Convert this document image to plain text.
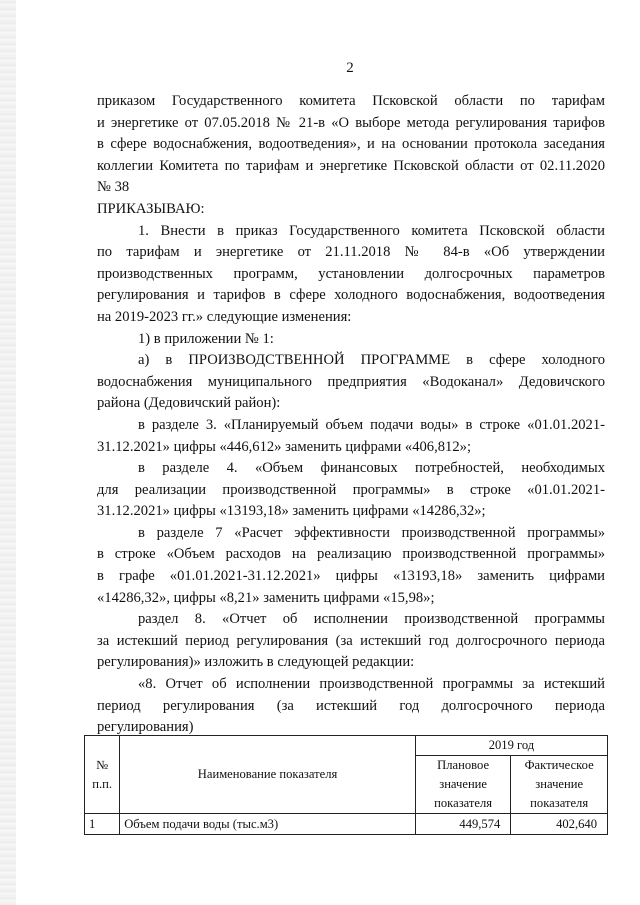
2

приказом Государственного комитета Псковской области по тарифам

и энергетике от 07.05.2018 № 21-в «О выборе метода регулирования тарифов

в сфере водоснабжения, водоотведения», и на основании протокола заседания

коллегии Комитета по тарифам и энергетике Псковской области от 02.11.2020

№ 38

ПРИКАЗЫВАЮ:

1. Внести в приказ Государственного комитета Псковской области

по тарифам и энергетике от 21.11.2018 № 84-в «Об утверждении

производственных программ, установлении долгосрочных параметров

регулирования и тарифов в сфере холодного водоснабжения, водоотведения

на 2019-2023 гг.» следующие изменения:

1) в приложении № 1:

а) в ПРОИЗВОДСТВЕННОЙ ПРОГРАММЕ в сфере холодного

водоснабжения муниципального предприятия «Водоканал» Дедовичского

района (Дедовичский район):

в разделе 3. «Планируемый объем подачи воды» в строке «01.01.2021-

31.12.2021» цифры «446,612» заменить цифрами «406,812»;

в разделе 4. «Объем финансовых потребностей, необходимых

для реализации производственной программы» в строке «01.01.2021-

31.12.2021» цифры «13193,18» заменить цифрами «14286,32»;

в разделе 7 «Расчет эффективности производственной программы»

в строке «Объем расходов на реализацию производственной программы»

в графе «01.01.2021-31.12.2021» цифры «13193,18» заменить цифрами

«14286,32», цифры «8,21» заменить цифрами «15,98»;

раздел 8. «Отчет об исполнении производственной программы

за истекший период регулирования (за истекший год долгосрочного периода

регулирования)» изложить в следующей редакции:

«8. Отчет об исполнении производственной программы за истекший

период регулирования (за истекший год долгосрочного периода

регулирования)

№ п.п.	Наименование показателя	2019 год	
		Плановое значение показателя	Фактическое значение показателя
1	Объем подачи воды (тыс.м3)	449,574	402,640
